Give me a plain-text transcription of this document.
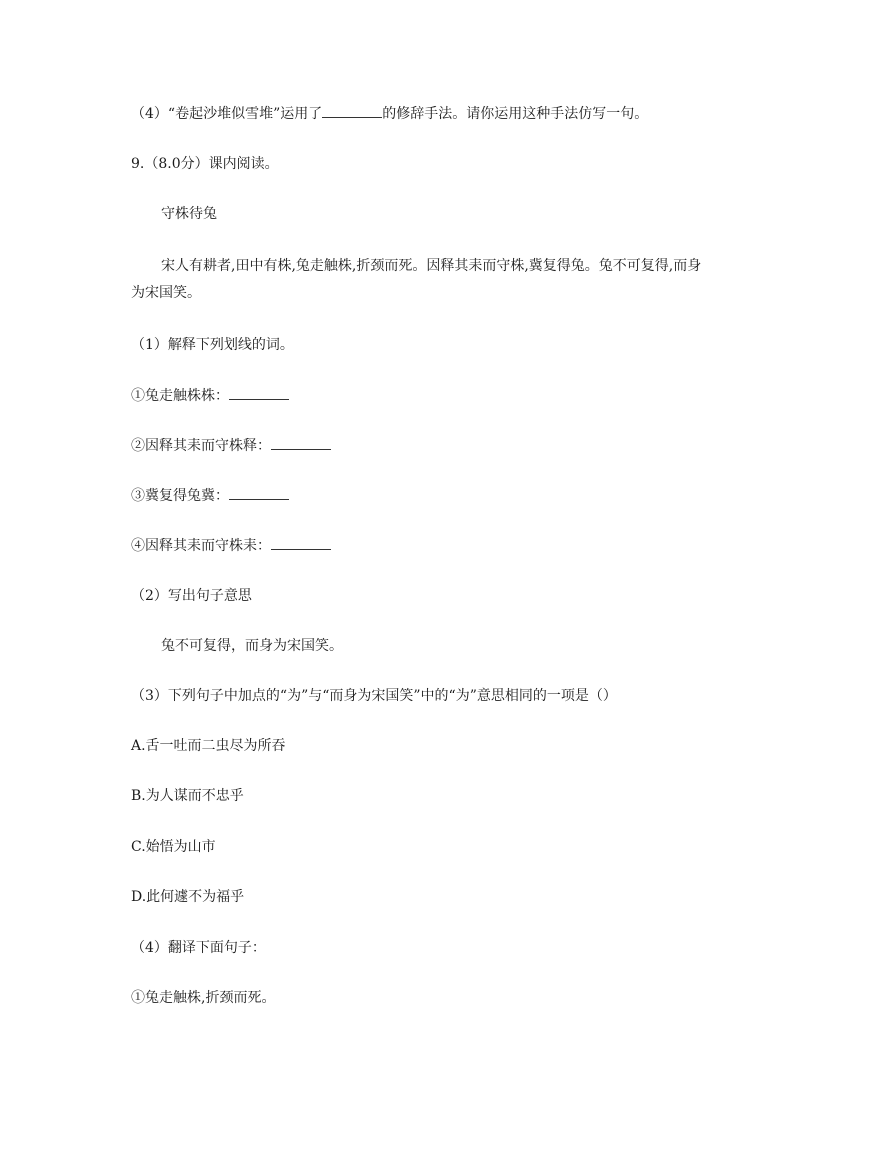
（4）“卷起沙堆似雪堆”运用了	的修辞手法。请你运用这种手法仿写一句。
9.（8.0分）课内阅读。
守株待兔
宋人有耕者,田中有株,兔走触株,折颈而死。因释其耒而守株,冀复得兔。兔不可复得,而身
为宋国笑。
（1）解释下列划线的词。
①兔走触株株：
②因释其耒而守株释：
③冀复得兔冀：
④因释其耒而守株耒：
（2）写出句子意思
兔不可复得，而身为宋国笑。
（3）下列句子中加点的“为”与“而身为宋国笑”中的“为”意思相同的一项是（）
A.舌一吐而二虫尽为所吞
B.为人谋而不忠乎
C.始悟为山市
D.此何遽不为福乎
（4）翻译下面句子：
①兔走触株,折颈而死。
